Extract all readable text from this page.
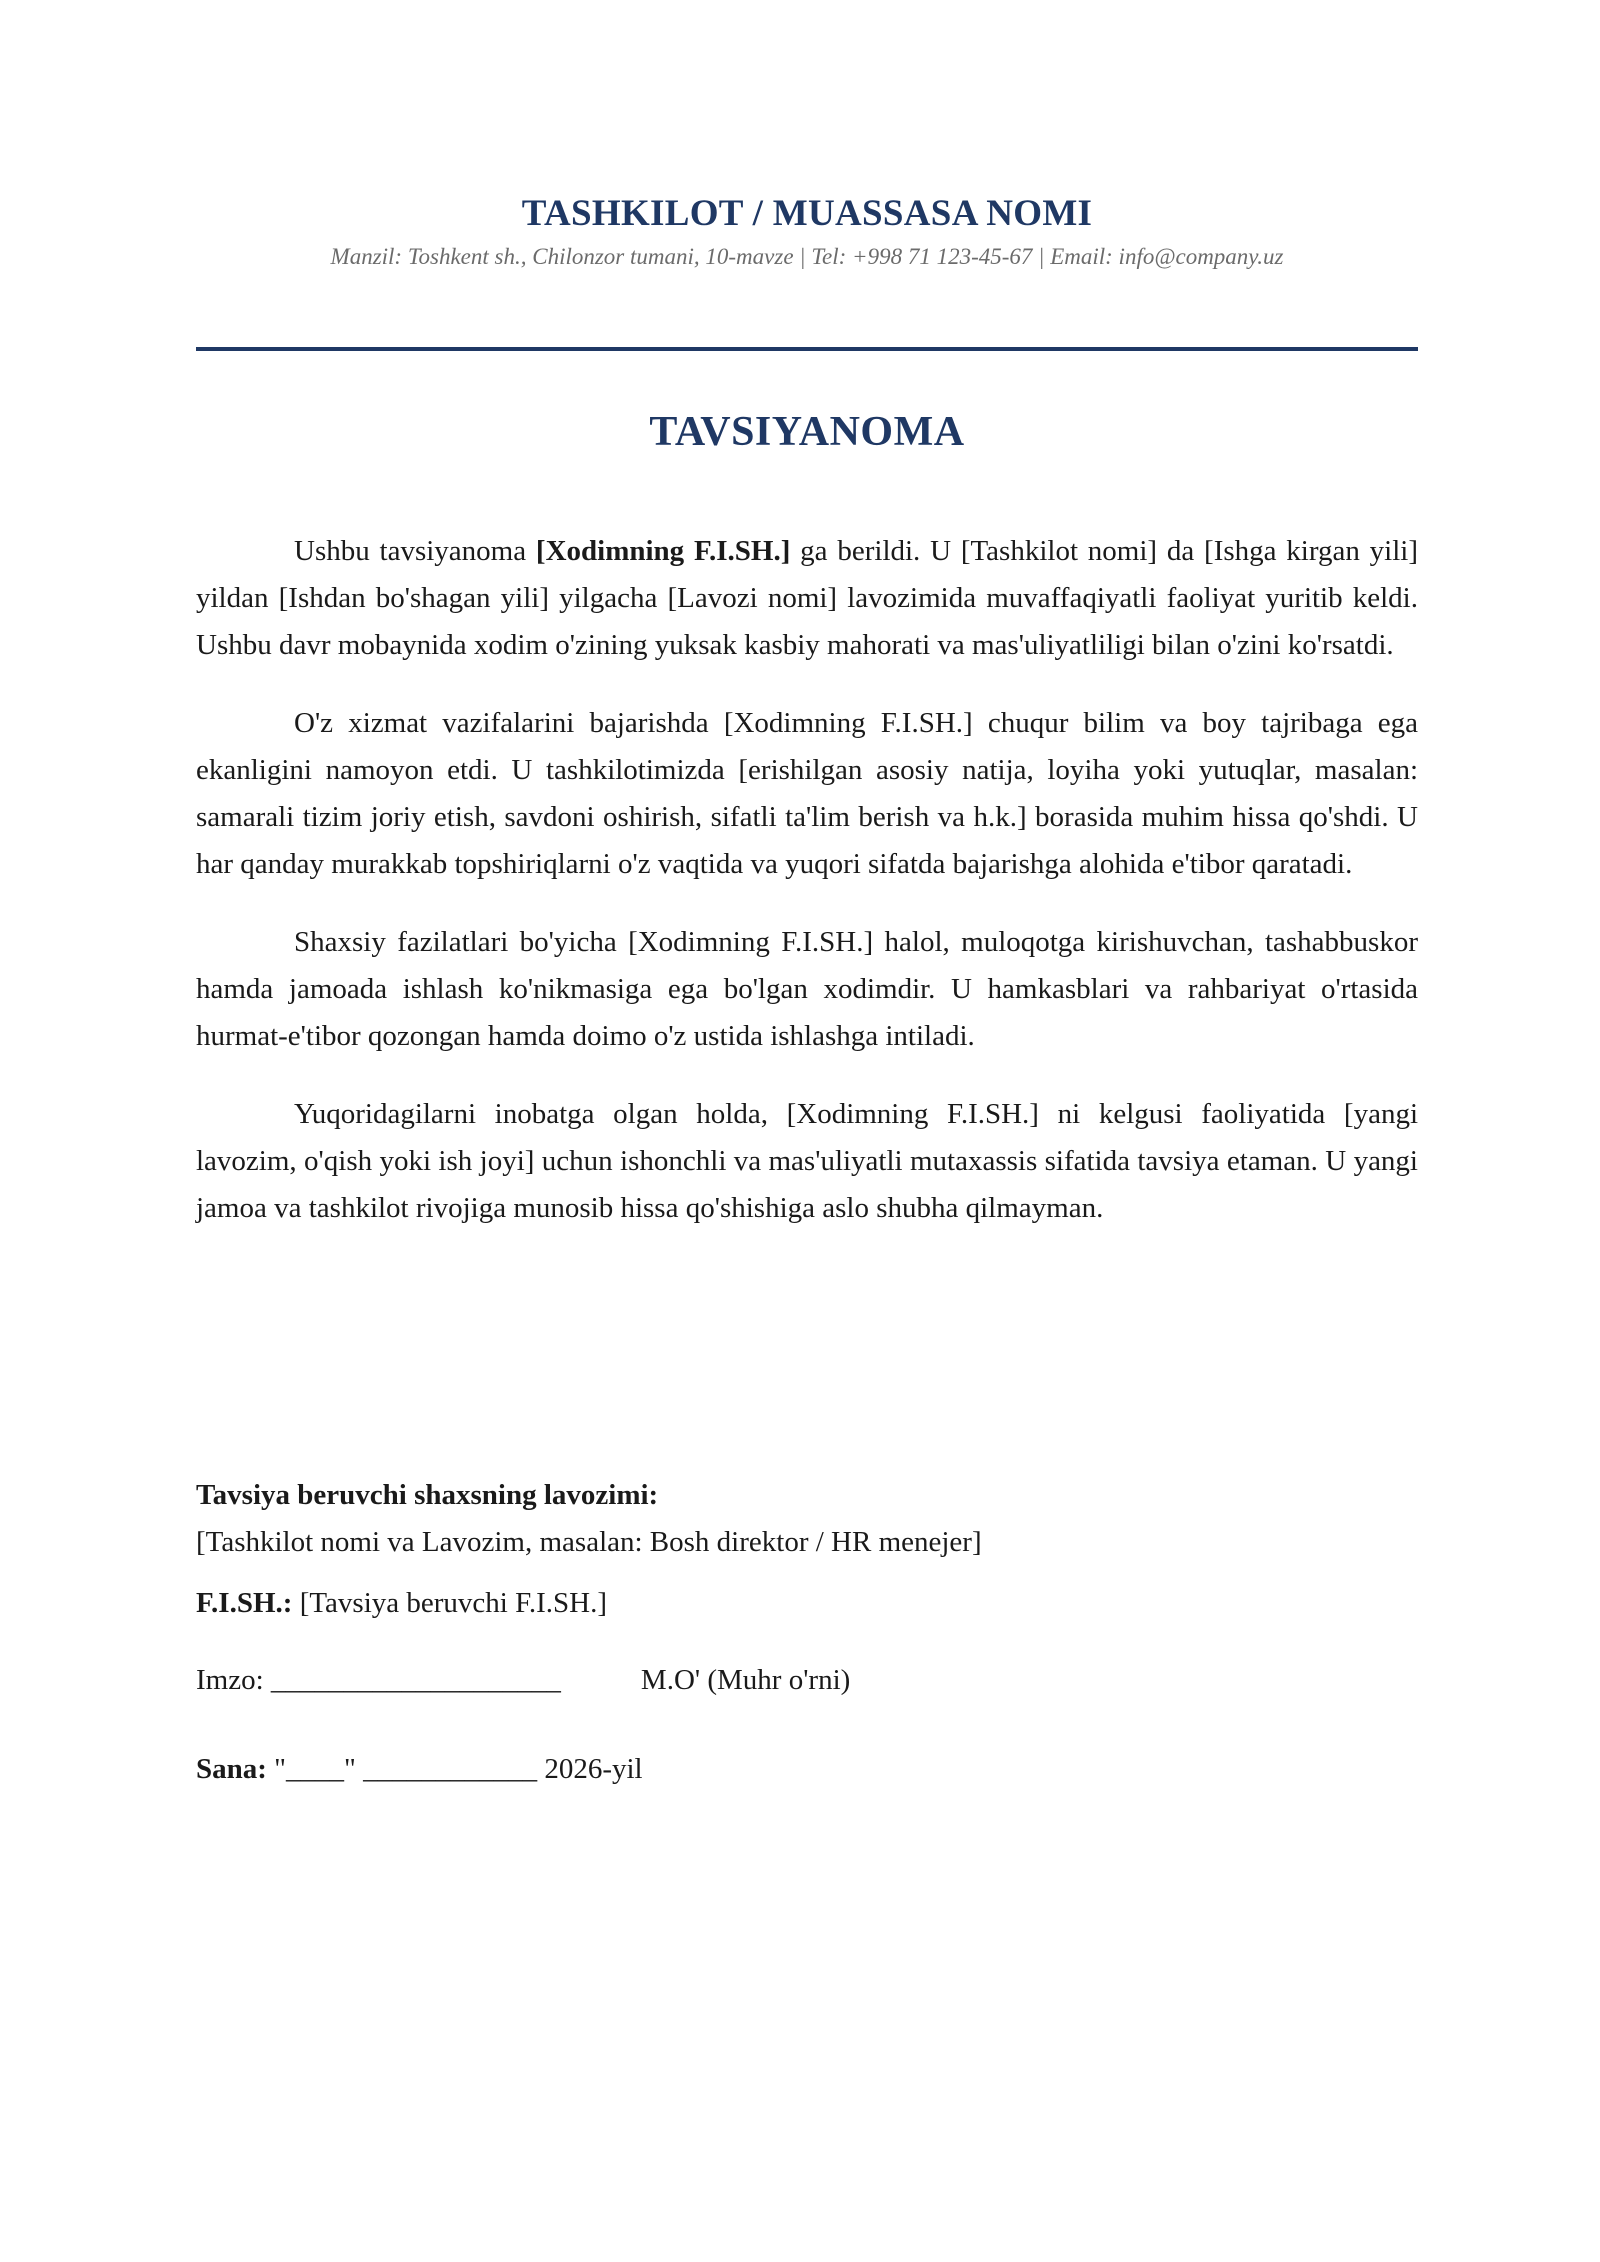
TASHKILOT / MUASSASA NOMI
Manzil: Toshkent sh., Chilonzor tumani, 10-mavze | Tel: +998 71 123-45-67 | Email: info@company.uz
TAVSIYANOMA

Ushbu tavsiyanoma [Xodimning F.I.SH.] ga berildi. U [Tashkilot nomi] da [Ishga kirgan yili] yildan [Ishdan bo'shagan yili] yilgacha [Lavozi nomi] lavozimida muvaffaqiyatli faoliyat yuritib keldi. Ushbu davr mobaynida xodim o'zining yuksak kasbiy mahorati va mas'uliyatliligi bilan o'zini ko'rsatdi.

O'z xizmat vazifalarini bajarishda [Xodimning F.I.SH.] chuqur bilim va boy tajribaga ega ekanligini namoyon etdi. U tashkilotimizda [erishilgan asosiy natija, loyiha yoki yutuqlar, masalan: samarali tizim joriy etish, savdoni oshirish, sifatli ta'lim berish va h.k.] borasida muhim hissa qo'shdi. U har qanday murakkab topshiriqlarni o'z vaqtida va yuqori sifatda bajarishga alohida e'tibor qaratadi.

Shaxsiy fazilatlari bo'yicha [Xodimning F.I.SH.] halol, muloqotga kirishuvchan, tashabbuskor hamda jamoada ishlash ko'nikmasiga ega bo'lgan xodimdir. U hamkasblari va rahbariyat o'rtasida hurmat-e'tibor qozongan hamda doimo o'z ustida ishlashga intiladi.

Yuqoridagilarni inobatga olgan holda, [Xodimning F.I.SH.] ni kelgusi faoliyatida [yangi lavozim, o'qish yoki ish joyi] uchun ishonchli va mas'uliyatli mutaxassis sifatida tavsiya etaman. U yangi jamoa va tashkilot rivojiga munosib hissa qo'shishiga aslo shubha qilmayman.

Tavsiya beruvchi shaxsning lavozimi:
[Tashkilot nomi va Lavozim, masalan: Bosh direktor / HR menejer]
F.I.SH.: [Tavsiya beruvchi F.I.SH.]
Imzo: ____________________	M.O' (Muhr o'rni)
Sana: "____" ____________ 2026-yil
